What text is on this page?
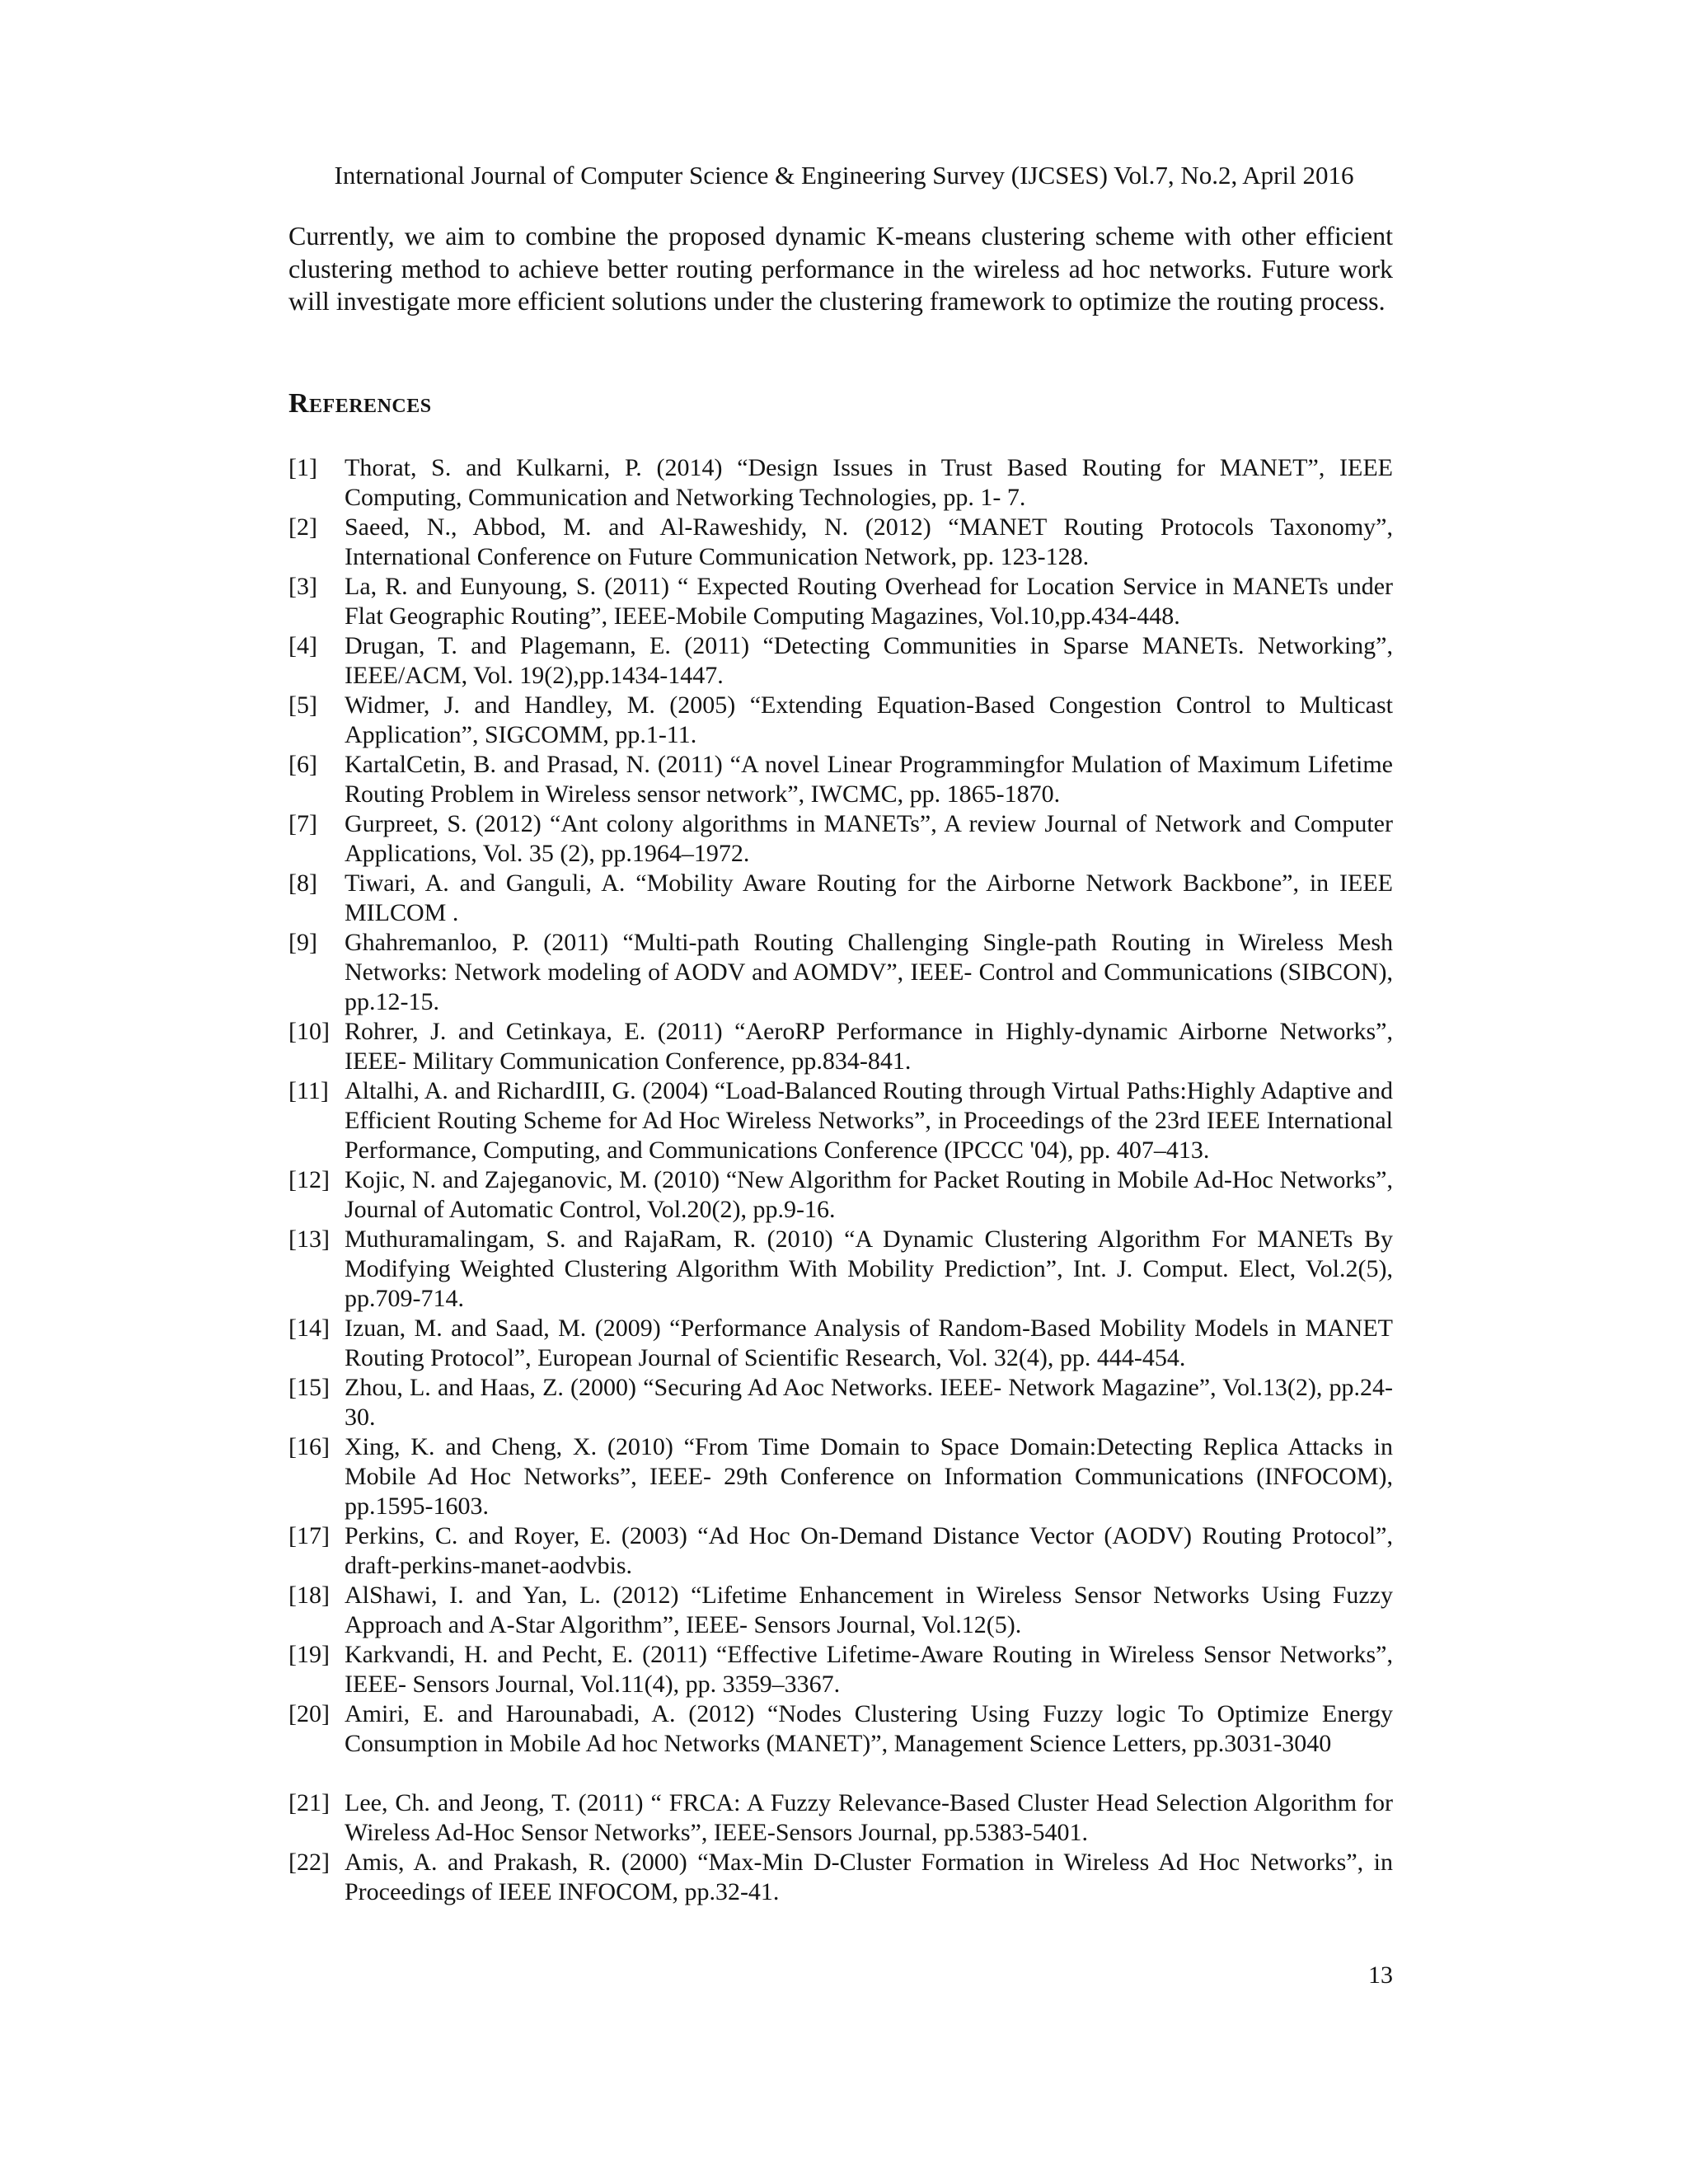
International Journal of Computer Science & Engineering Survey (IJCSES) Vol.7, No.2, April 2016

Currently, we aim to combine the proposed dynamic K-means clustering scheme with other efficient clustering method to achieve better routing performance in the wireless ad hoc networks. Future work will investigate more efficient solutions under the clustering framework to optimize the routing process.

References
[1]	Thorat, S. and Kulkarni, P. (2014) “Design Issues in Trust Based Routing for MANET”, IEEE Computing, Communication and Networking Technologies, pp. 1- 7.
[2]	Saeed, N., Abbod, M. and Al-Raweshidy, N. (2012) “MANET Routing Protocols Taxonomy”, International Conference on Future Communication Network, pp. 123-128.
[3]	La, R. and Eunyoung, S. (2011) “ Expected Routing Overhead for Location Service in MANETs under Flat Geographic Routing”, IEEE-Mobile Computing Magazines, Vol.10,pp.434-448.
[4]	Drugan, T. and Plagemann, E. (2011) “Detecting Communities in Sparse MANETs. Networking”, IEEE/ACM, Vol. 19(2),pp.1434-1447.
[5]	Widmer, J. and Handley, M. (2005) “Extending Equation-Based Congestion Control to Multicast Application”, SIGCOMM, pp.1-11.
[6]	KartalCetin, B. and Prasad, N. (2011) “A novel Linear Programmingfor Mulation of Maximum Lifetime Routing Problem in Wireless sensor network”, IWCMC, pp. 1865-1870.
[7]	Gurpreet, S. (2012) “Ant colony algorithms in MANETs”, A review Journal of Network and Computer Applications, Vol. 35 (2), pp.1964–1972.
[8]	Tiwari, A. and Ganguli, A. “Mobility Aware Routing for the Airborne Network Backbone”, in IEEE MILCOM .
[9]	Ghahremanloo, P. (2011) “Multi-path Routing Challenging Single-path Routing in Wireless Mesh Networks: Network modeling of AODV and AOMDV”, IEEE- Control and Communications (SIBCON), pp.12-15.
[10] Rohrer, J. and Cetinkaya, E. (2011) “AeroRP Performance in Highly-dynamic Airborne Networks”, IEEE- Military Communication Conference, pp.834-841.
[11] Altalhi, A. and RichardIII, G. (2004) “Load-Balanced Routing through Virtual Paths:Highly Adaptive and Efficient Routing Scheme for Ad Hoc Wireless Networks”, in Proceedings of the 23rd IEEE International Performance, Computing, and Communications Conference (IPCCC '04), pp. 407–413.
[12] Kojic, N. and Zajeganovic, M. (2010) “New Algorithm for Packet Routing in Mobile Ad-Hoc Networks”, Journal of Automatic Control, Vol.20(2), pp.9-16.
[13] Muthuramalingam, S. and RajaRam, R. (2010) “A Dynamic Clustering Algorithm For MANETs By Modifying Weighted Clustering Algorithm With Mobility Prediction”, Int. J. Comput. Elect, Vol.2(5), pp.709-714.
[14] Izuan, M. and Saad, M. (2009) “Performance Analysis of Random-Based Mobility Models in MANET Routing Protocol”, European Journal of Scientific Research, Vol. 32(4), pp. 444-454.
[15] Zhou, L. and Haas, Z. (2000) “Securing Ad Aoc Networks. IEEE- Network Magazine”, Vol.13(2), pp.24-30.
[16] Xing, K. and Cheng, X. (2010) “From Time Domain to Space Domain:Detecting Replica Attacks in Mobile Ad Hoc Networks”, IEEE- 29th Conference on Information Communications (INFOCOM), pp.1595-1603.
[17] Perkins, C. and Royer, E. (2003) “Ad Hoc On-Demand Distance Vector (AODV) Routing Protocol”, draft-perkins-manet-aodvbis.
[18] AlShawi, I. and Yan, L. (2012) “Lifetime Enhancement in Wireless Sensor Networks Using Fuzzy Approach and A-Star Algorithm”, IEEE- Sensors Journal, Vol.12(5).
[19] Karkvandi, H. and Pecht, E. (2011) “Effective Lifetime-Aware Routing in Wireless Sensor Networks”, IEEE- Sensors Journal, Vol.11(4), pp. 3359–3367.
[20] Amiri, E. and Harounabadi, A. (2012) “Nodes Clustering Using Fuzzy logic To Optimize Energy Consumption in Mobile Ad hoc Networks (MANET)”, Management Science Letters, pp.3031-3040
[21] Lee, Ch. and Jeong, T. (2011) “ FRCA: A Fuzzy Relevance-Based Cluster Head Selection Algorithm for Wireless Ad-Hoc Sensor Networks”, IEEE-Sensors Journal, pp.5383-5401.
[22] Amis, A. and Prakash, R. (2000) “Max-Min D-Cluster Formation in Wireless Ad Hoc Networks”, in Proceedings of IEEE INFOCOM, pp.32-41.
13
